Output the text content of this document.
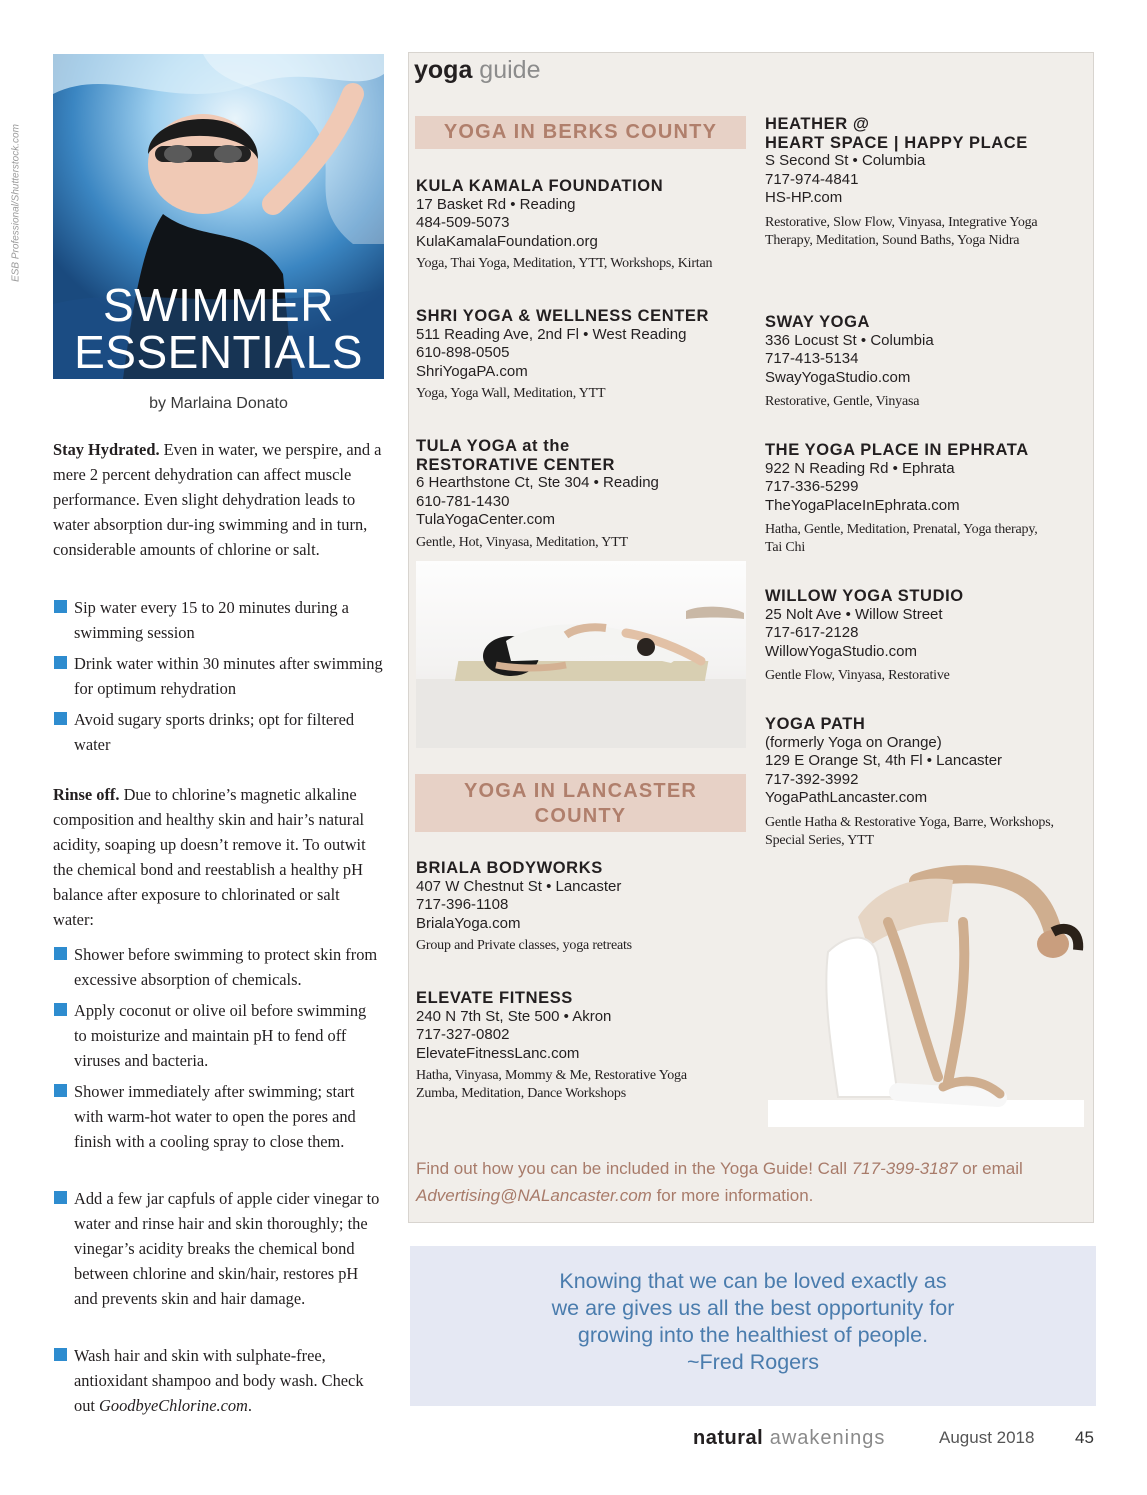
ESB Professional/Shutterstock.com
SWIMMER
ESSENTIALS
by Marlaina Donato
Stay Hydrated. Even in water, we perspire, and a mere 2 percent dehydration can affect muscle performance. Even slight dehydration leads to water absorption dur-ing swimming and in turn, considerable amounts of chlorine or salt.
Sip water every 15 to 20 minutes during a swimming session
Drink water within 30 minutes after swimming for optimum rehydration
Avoid sugary sports drinks; opt for filtered water
Rinse off. Due to chlorine’s magnetic alkaline composition and healthy skin and hair’s natural acidity, soaping up doesn’t remove it. To outwit the chemical bond and reestablish a healthy pH balance after exposure to chlorinated or salt water:
Shower before swimming to protect skin from excessive absorption of chemicals.
Apply coconut or olive oil before swimming to moisturize and maintain pH to fend off viruses and bacteria.
Shower immediately after swimming; start with warm-hot water to open the pores and finish with a cooling spray to close them.
Add a few jar capfuls of apple cider vinegar to water and rinse hair and skin thoroughly; the vinegar’s acidity breaks the chemical bond between chlorine and skin/hair, restores pH and prevents skin and hair damage.
Wash hair and skin with sulphate-free, antioxidant shampoo and body wash. Check out GoodbyeChlorine.com.
yoga guide
YOGA IN BERKS COUNTY
KULA KAMALA FOUNDATION
17 Basket Rd • Reading
484-509-5073
KulaKamalaFoundation.org
Yoga, Thai Yoga, Meditation, YTT, Workshops, Kirtan
SHRI YOGA & WELLNESS CENTER
511 Reading Ave, 2nd Fl • West Reading
610-898-0505
ShriYogaPA.com
Yoga, Yoga Wall, Meditation, YTT
TULA YOGA at the
RESTORATIVE CENTER
6 Hearthstone Ct, Ste 304 • Reading
610-781-1430
TulaYogaCenter.com
Gentle, Hot, Vinyasa, Meditation, YTT
YOGA IN LANCASTER
COUNTY
BRIALA BODYWORKS
407 W Chestnut St • Lancaster
717-396-1108
BrialaYoga.com
Group and Private classes, yoga retreats
ELEVATE FITNESS
240 N 7th St, Ste 500 • Akron
717-327-0802
ElevateFitnessLanc.com
Hatha, Vinyasa, Mommy & Me, Restorative Yoga
Zumba, Meditation, Dance Workshops
HEATHER @
HEART SPACE | HAPPY PLACE
S Second St • Columbia
717-974-4841
HS-HP.com
Restorative, Slow Flow, Vinyasa, Integrative Yoga
Therapy, Meditation, Sound Baths, Yoga Nidra
SWAY YOGA
336 Locust St • Columbia
717-413-5134
SwayYogaStudio.com
Restorative, Gentle, Vinyasa
THE YOGA PLACE IN EPHRATA
922 N Reading Rd • Ephrata
717-336-5299
TheYogaPlaceInEphrata.com
Hatha, Gentle, Meditation, Prenatal, Yoga therapy,
Tai Chi
WILLOW YOGA STUDIO
25 Nolt Ave • Willow Street
717-617-2128
WillowYogaStudio.com
Gentle Flow, Vinyasa, Restorative
YOGA PATH
(formerly Yoga on Orange)
129 E Orange St, 4th Fl • Lancaster
717-392-3992
YogaPathLancaster.com
Gentle Hatha & Restorative Yoga, Barre, Workshops,
Special Series, YTT
Find out how you can be included in the Yoga Guide! Call 717-399-3187 or email Advertising@NALancaster.com for more information.
Knowing that we can be loved exactly as
we are gives us all the best opportunity for
growing into the healthiest of people.
~Fred Rogers
natural awakenings	August 2018 45
